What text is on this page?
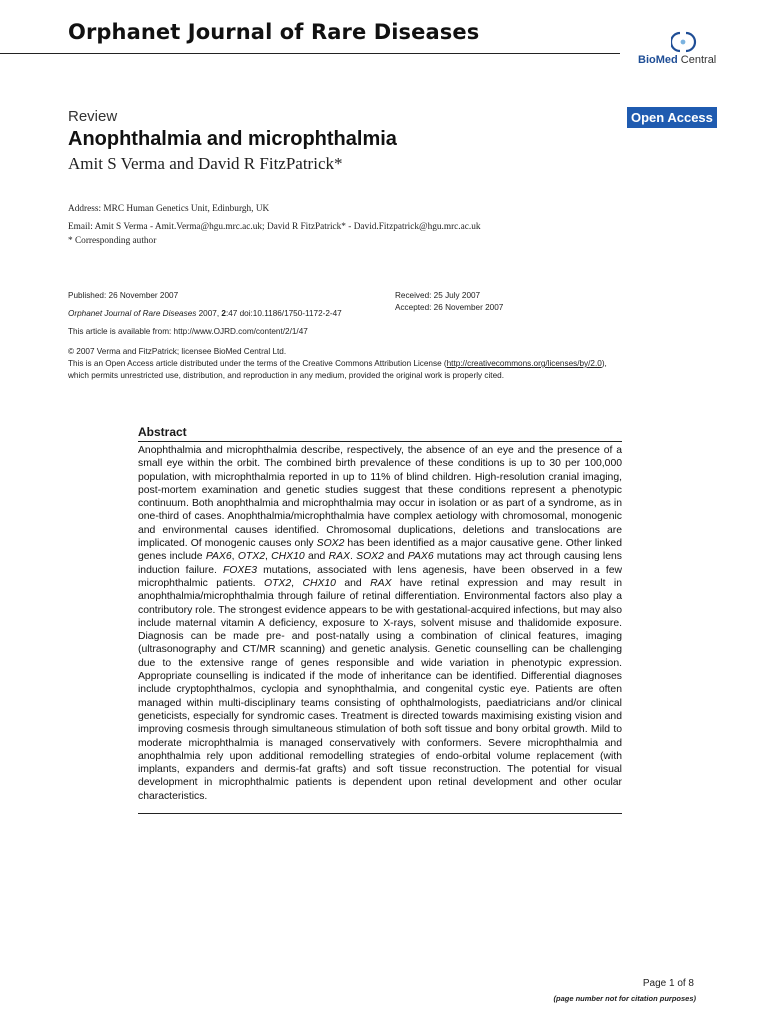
Orphanet Journal of Rare Diseases
BioMed Central
Review	Open Access
Anophthalmia and microphthalmia
Amit S Verma and David R FitzPatrick*
Address: MRC Human Genetics Unit, Edinburgh, UK
Email: Amit S Verma - Amit.Verma@hgu.mrc.ac.uk; David R FitzPatrick* - David.Fitzpatrick@hgu.mrc.ac.uk
* Corresponding author
Published: 26 November 2007
Orphanet Journal of Rare Diseases 2007, 2:47 doi:10.1186/1750-1172-2-47
Received: 25 July 2007
Accepted: 26 November 2007
This article is available from: http://www.OJRD.com/content/2/1/47
© 2007 Verma and FitzPatrick; licensee BioMed Central Ltd.
This is an Open Access article distributed under the terms of the Creative Commons Attribution License (http://creativecommons.org/licenses/by/2.0),
which permits unrestricted use, distribution, and reproduction in any medium, provided the original work is properly cited.
Abstract
Anophthalmia and microphthalmia describe, respectively, the absence of an eye and the presence of a small eye within the orbit. The combined birth prevalence of these conditions is up to 30 per 100,000 population, with microphthalmia reported in up to 11% of blind children. High-resolution cranial imaging, post-mortem examination and genetic studies suggest that these conditions represent a phenotypic continuum. Both anophthalmia and microphthalmia may occur in isolation or as part of a syndrome, as in one-third of cases. Anophthalmia/microphthalmia have complex aetiology with chromosomal, monogenic and environmental causes identified. Chromosomal duplications, deletions and translocations are implicated. Of monogenic causes only SOX2 has been identified as a major causative gene. Other linked genes include PAX6, OTX2, CHX10 and RAX. SOX2 and PAX6 mutations may act through causing lens induction failure. FOXE3 mutations, associated with lens agenesis, have been observed in a few microphthalmic patients. OTX2, CHX10 and RAX have retinal expression and may result in anophthalmia/microphthalmia through failure of retinal differentiation. Environmental factors also play a contributory role. The strongest evidence appears to be with gestational-acquired infections, but may also include maternal vitamin A deficiency, exposure to X-rays, solvent misuse and thalidomide exposure. Diagnosis can be made pre- and post-natally using a combination of clinical features, imaging (ultrasonography and CT/MR scanning) and genetic analysis. Genetic counselling can be challenging due to the extensive range of genes responsible and wide variation in phenotypic expression. Appropriate counselling is indicated if the mode of inheritance can be identified. Differential diagnoses include cryptophthalmos, cyclopia and synophthalmia, and congenital cystic eye. Patients are often managed within multi-disciplinary teams consisting of ophthalmologists, paediatricians and/or clinical geneticists, especially for syndromic cases. Treatment is directed towards maximising existing vision and improving cosmesis through simultaneous stimulation of both soft tissue and bony orbital growth. Mild to moderate microphthalmia is managed conservatively with conformers. Severe microphthalmia and anophthalmia rely upon additional remodelling strategies of endo-orbital volume replacement (with implants, expanders and dermis-fat grafts) and soft tissue reconstruction. The potential for visual development in microphthalmic patients is dependent upon retinal development and other ocular characteristics.
Page 1 of 8
(page number not for citation purposes)
